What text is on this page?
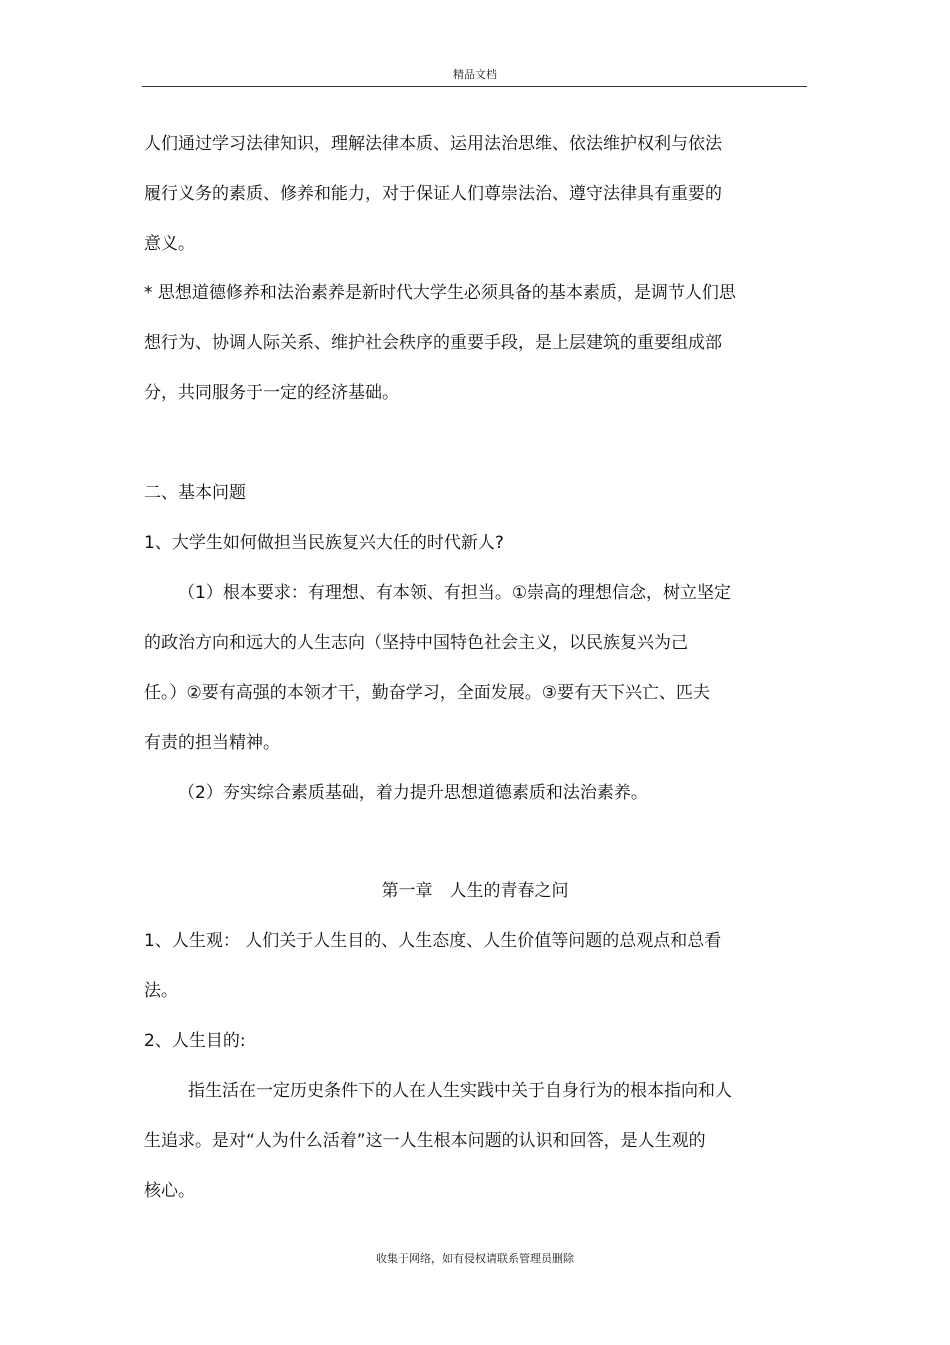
精品文档
人们通过学习法律知识，理解法律本质、运用法治思维、依法维护权利与依法
履行义务的素质、修养和能力，对于保证人们尊崇法治、遵守法律具有重要的
意义。
* 思想道德修养和法治素养是新时代大学生必须具备的基本素质，是调节人们思
想行为、协调人际关系、维护社会秩序的重要手段，是上层建筑的重要组成部
分，共同服务于一定的经济基础。
二、基本问题
1、大学生如何做担当民族复兴大任的时代新人?
（1）根本要求：有理想、有本领、有担当。①崇高的理想信念，树立坚定
的政治方向和远大的人生志向（坚持中国特色社会主义，以民族复兴为己
任。）②要有高强的本领才干，勤奋学习，全面发展。③要有天下兴亡、匹夫
有责的担当精神。
（2）夯实综合素质基础，着力提升思想道德素质和法治素养。
第一章　人生的青春之问
1、人生观： 人们关于人生目的、人生态度、人生价值等问题的总观点和总看
法。
2、人生目的:
指生活在一定历史条件下的人在人生实践中关于自身行为的根本指向和人
生追求。是对“人为什么活着”这一人生根本问题的认识和回答，是人生观的
核心。
收集于网络，如有侵权请联系管理员删除
